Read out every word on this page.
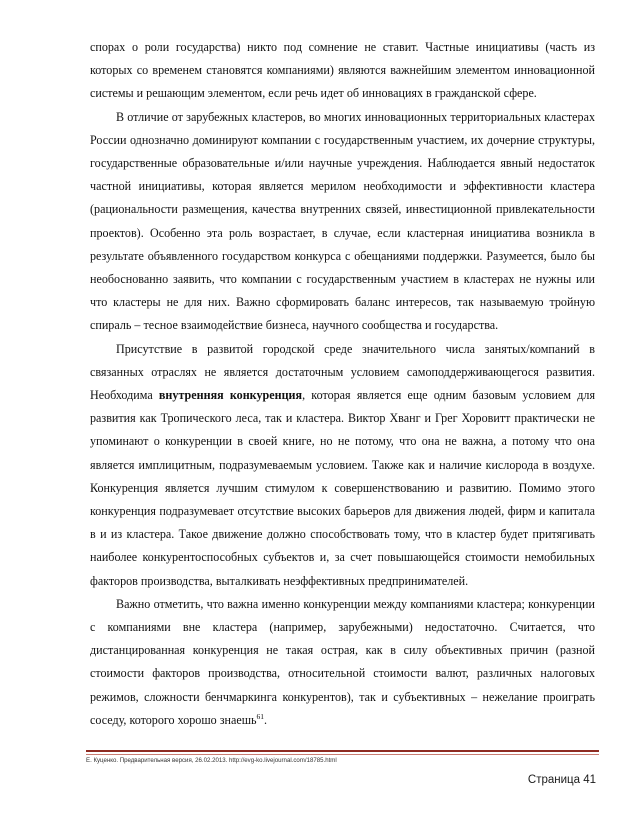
спорах о роли государства) никто под сомнение не ставит. Частные инициативы (часть из которых со временем становятся компаниями) являются важнейшим элементом инновационной системы и решающим элементом, если речь идет об инновациях в гражданской сфере.

В отличие от зарубежных кластеров, во многих инновационных территориальных кластерах России однозначно доминируют компании с государственным участием, их дочерние структуры, государственные образовательные и/или научные учреждения. Наблюдается явный недостаток частной инициативы, которая является мерилом необходимости и эффективности кластера (рациональности размещения, качества внутренних связей, инвестиционной привлекательности проектов). Особенно эта роль возрастает, в случае, если кластерная инициатива возникла в результате объявленного государством конкурса с обещаниями поддержки. Разумеется, было бы необоснованно заявить, что компании с государственным участием в кластерах не нужны или что кластеры не для них. Важно сформировать баланс интересов, так называемую тройную спираль – тесное взаимодействие бизнеса, научного сообщества и государства.

Присутствие в развитой городской среде значительного числа занятых/компаний в связанных отраслях не является достаточным условием самоподдерживающегося развития. Необходима внутренняя конкуренция, которая является еще одним базовым условием для развития как Тропического леса, так и кластера. Виктор Хванг и Грег Хоровитт практически не упоминают о конкуренции в своей книге, но не потому, что она не важна, а потому что она является имплицитным, подразумеваемым условием. Также как и наличие кислорода в воздухе. Конкуренция является лучшим стимулом к совершенствованию и развитию. Помимо этого конкуренция подразумевает отсутствие высоких барьеров для движения людей, фирм и капитала в и из кластера. Такое движение должно способствовать тому, что в кластер будет притягивать наиболее конкурентоспособных субъектов и, за счет повышающейся стоимости немобильных факторов производства, выталкивать неэффективных предпринимателей.

Важно отметить, что важна именно конкуренции между компаниями кластера; конкуренции с компаниями вне кластера (например, зарубежными) недостаточно. Считается, что дистанцированная конкуренция не такая острая, как в силу объективных причин (разной стоимости факторов производства, относительной стоимости валют, различных налоговых режимов, сложности бенчмаркинга конкурентов), так и субъективных – нежелание проиграть соседу, которого хорошо знаешь$^{61}$.

Е. Куценко. Предварительная версия, 26.02.2013. http://evg-ko.livejournal.com/18785.html
Страница 41
